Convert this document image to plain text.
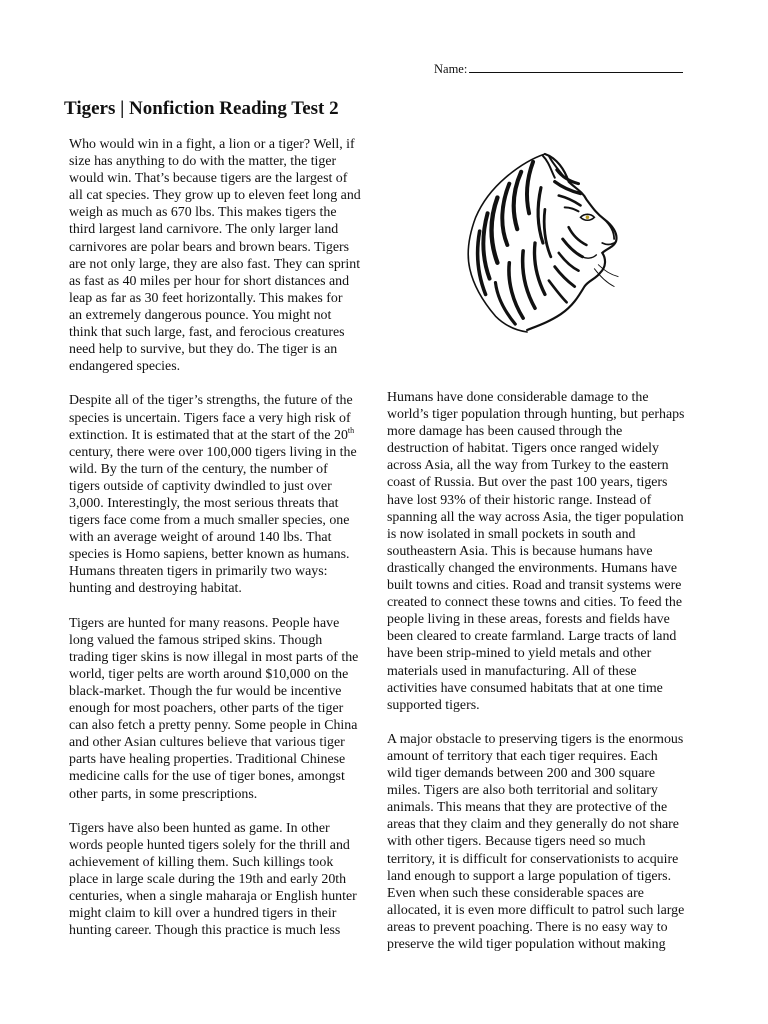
Name:
Tigers | Nonfiction Reading Test 2

Who would win in a fight, a lion or a tiger? Well, if
size has anything to do with the matter, the tiger
would win. That’s because tigers are the largest of
all cat species. They grow up to eleven feet long and
weigh as much as 670 lbs. This makes tigers the
third largest land carnivore. The only larger land
carnivores are polar bears and brown bears. Tigers
are not only large, they are also fast. They can sprint
as fast as 40 miles per hour for short distances and
leap as far as 30 feet horizontally. This makes for
an extremely dangerous pounce. You might not
think that such large, fast, and ferocious creatures
need help to survive, but they do. The tiger is an
endangered species.

Despite all of the tiger’s strengths, the future of the
species is uncertain. Tigers face a very high risk of
extinction. It is estimated that at the start of the 20th
century, there were over 100,000 tigers living in the
wild. By the turn of the century, the number of
tigers outside of captivity dwindled to just over
3,000. Interestingly, the most serious threats that
tigers face come from a much smaller species, one
with an average weight of around 140 lbs. That
species is Homo sapiens, better known as humans.
Humans threaten tigers in primarily two ways:
hunting and destroying habitat.

Tigers are hunted for many reasons. People have
long valued the famous striped skins. Though
trading tiger skins is now illegal in most parts of the
world, tiger pelts are worth around $10,000 on the
black-market. Though the fur would be incentive
enough for most poachers, other parts of the tiger
can also fetch a pretty penny. Some people in China
and other Asian cultures believe that various tiger
parts have healing properties. Traditional Chinese
medicine calls for the use of tiger bones, amongst
other parts, in some prescriptions.

Tigers have also been hunted as game. In other
words people hunted tigers solely for the thrill and
achievement of killing them. Such killings took
place in large scale during the 19th and early 20th
centuries, when a single maharaja or English hunter
might claim to kill over a hundred tigers in their
hunting career. Though this practice is much less

Humans have done considerable damage to the
world’s tiger population through hunting, but perhaps
more damage has been caused through the
destruction of habitat. Tigers once ranged widely
across Asia, all the way from Turkey to the eastern
coast of Russia. But over the past 100 years, tigers
have lost 93% of their historic range. Instead of
spanning all the way across Asia, the tiger population
is now isolated in small pockets in south and
southeastern Asia. This is because humans have
drastically changed the environments. Humans have
built towns and cities. Road and transit systems were
created to connect these towns and cities. To feed the
people living in these areas, forests and fields have
been cleared to create farmland. Large tracts of land
have been strip-mined to yield metals and other
materials used in manufacturing. All of these
activities have consumed habitats that at one time
supported tigers.

A major obstacle to preserving tigers is the enormous
amount of territory that each tiger requires. Each
wild tiger demands between 200 and 300 square
miles. Tigers are also both territorial and solitary
animals. This means that they are protective of the
areas that they claim and they generally do not share
with other tigers. Because tigers need so much
territory, it is difficult for conservationists to acquire
land enough to support a large population of tigers.
Even when such these considerable spaces are
allocated, it is even more difficult to patrol such large
areas to prevent poaching. There is no easy way to
preserve the wild tiger population without making
